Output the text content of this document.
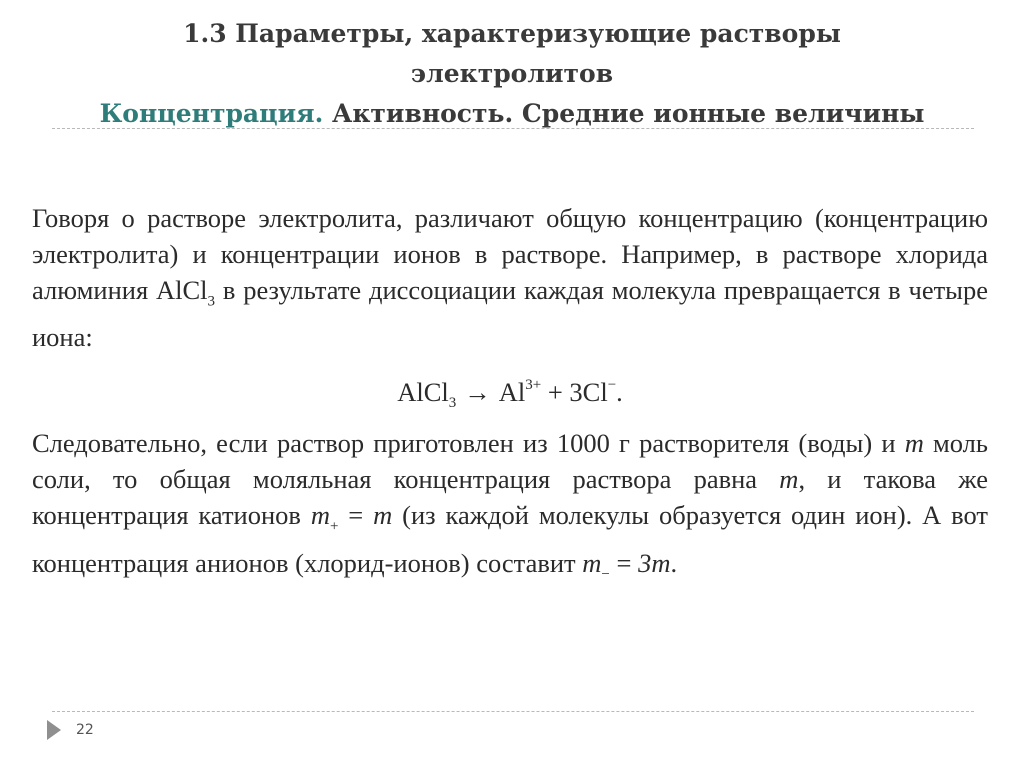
1.3 Параметры, характеризующие растворы
электролитов
Концентрация. Активность. Средние ионные величины

Говоря о растворе электролита, различают общую концентрацию (концентрацию электролита) и концентрации ионов в растворе. Например, в растворе хлорида алюминия AlCl$_3$ в результате диссоциации каждая молекула превращается в четыре иона:

AlCl$_3$ → $Al^{3+} + 3Cl^-$.

Следовательно, если раствор приготовлен из 1000 г растворителя (воды) и m моль соли, то общая моляльная концентрация раствора равна m, и такова же концентрация катионов $m_+ = m$ (из каждой молекулы образуется один ион). А вот концентрация анионов (хлорид-ионов) составит $m_- = 3m$.

22
